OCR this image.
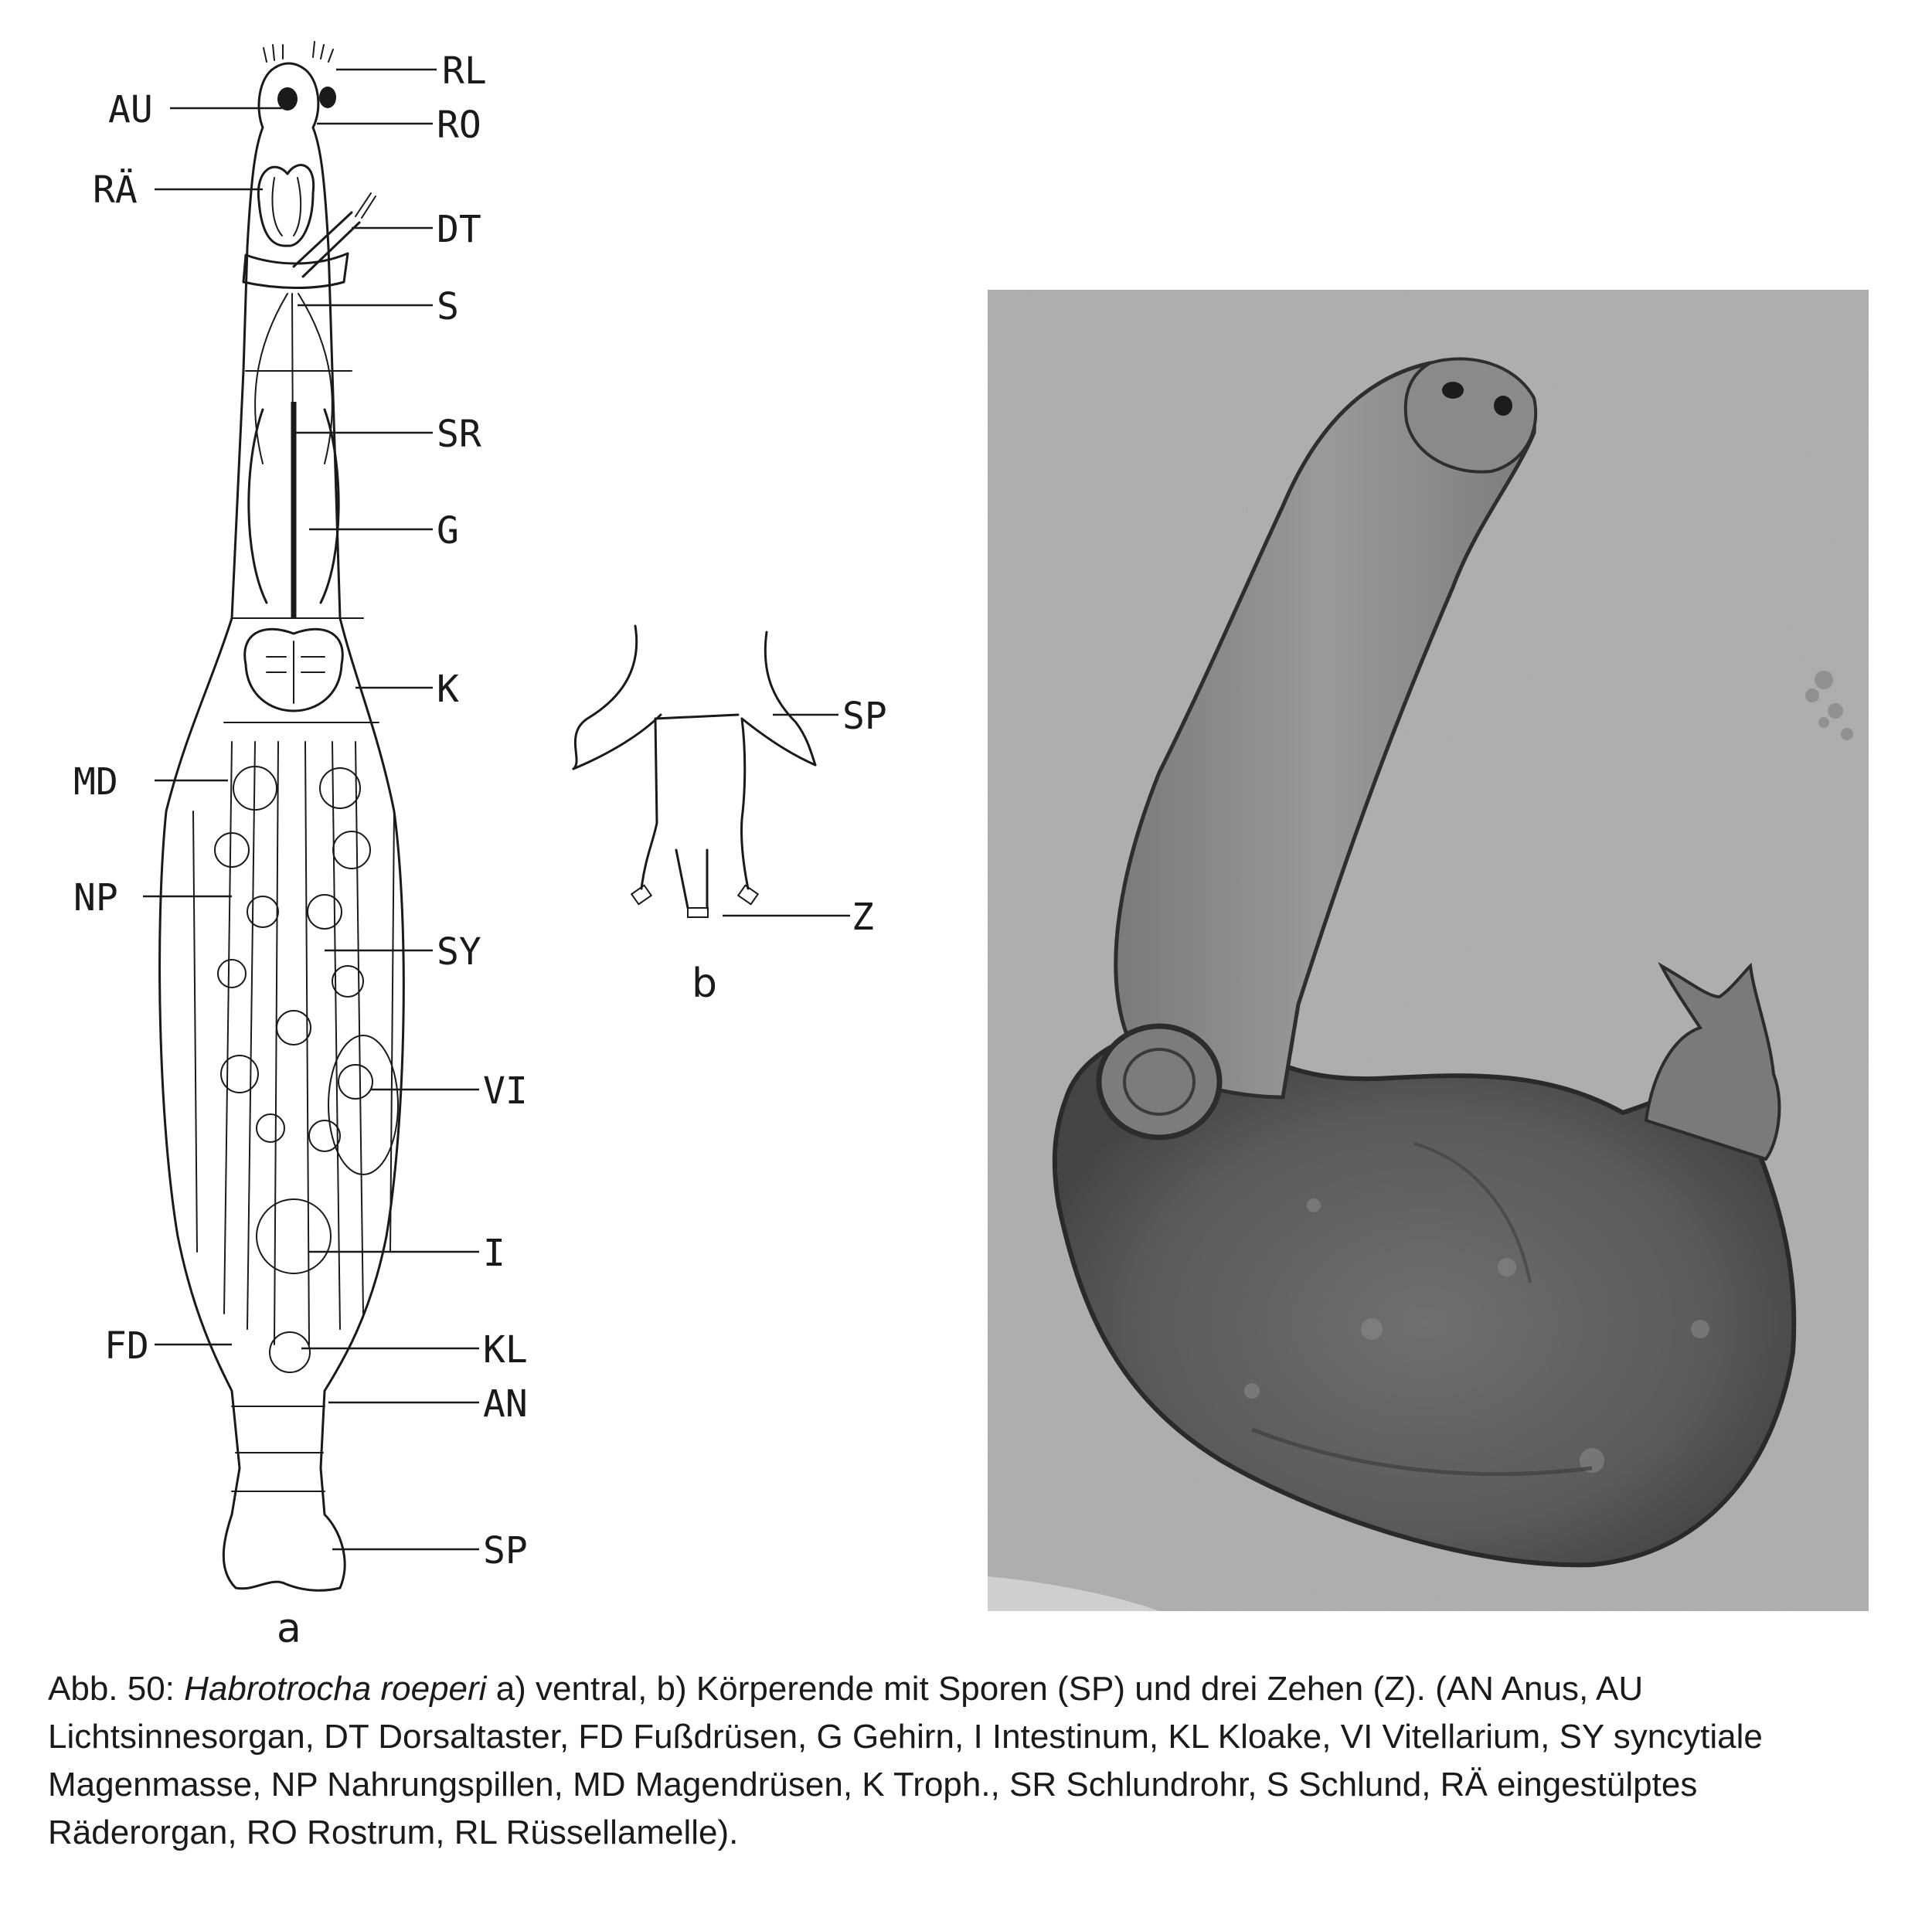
AU
RÄ
MD
NP
FD
RL
RO
DT
S
SR
G
K
SY
VI
I
KL
AN
SP
a
SP
Z
b

Abb. 50: Habrotrocha roeperi a) ventral, b) Körperende mit Sporen (SP) und drei Zehen (Z). (AN Anus, AU Lichtsinnesorgan, DT Dorsaltaster, FD Fußdrüsen, G Gehirn, I Intestinum, KL Kloake, VI Vitellarium, SY syncytiale Magenmasse, NP Nahrungspillen, MD Magendrüsen, K Troph., SR Schlundrohr, S Schlund, RÄ eingestülptes Räderorgan, RO Rostrum, RL Rüssellamelle).
